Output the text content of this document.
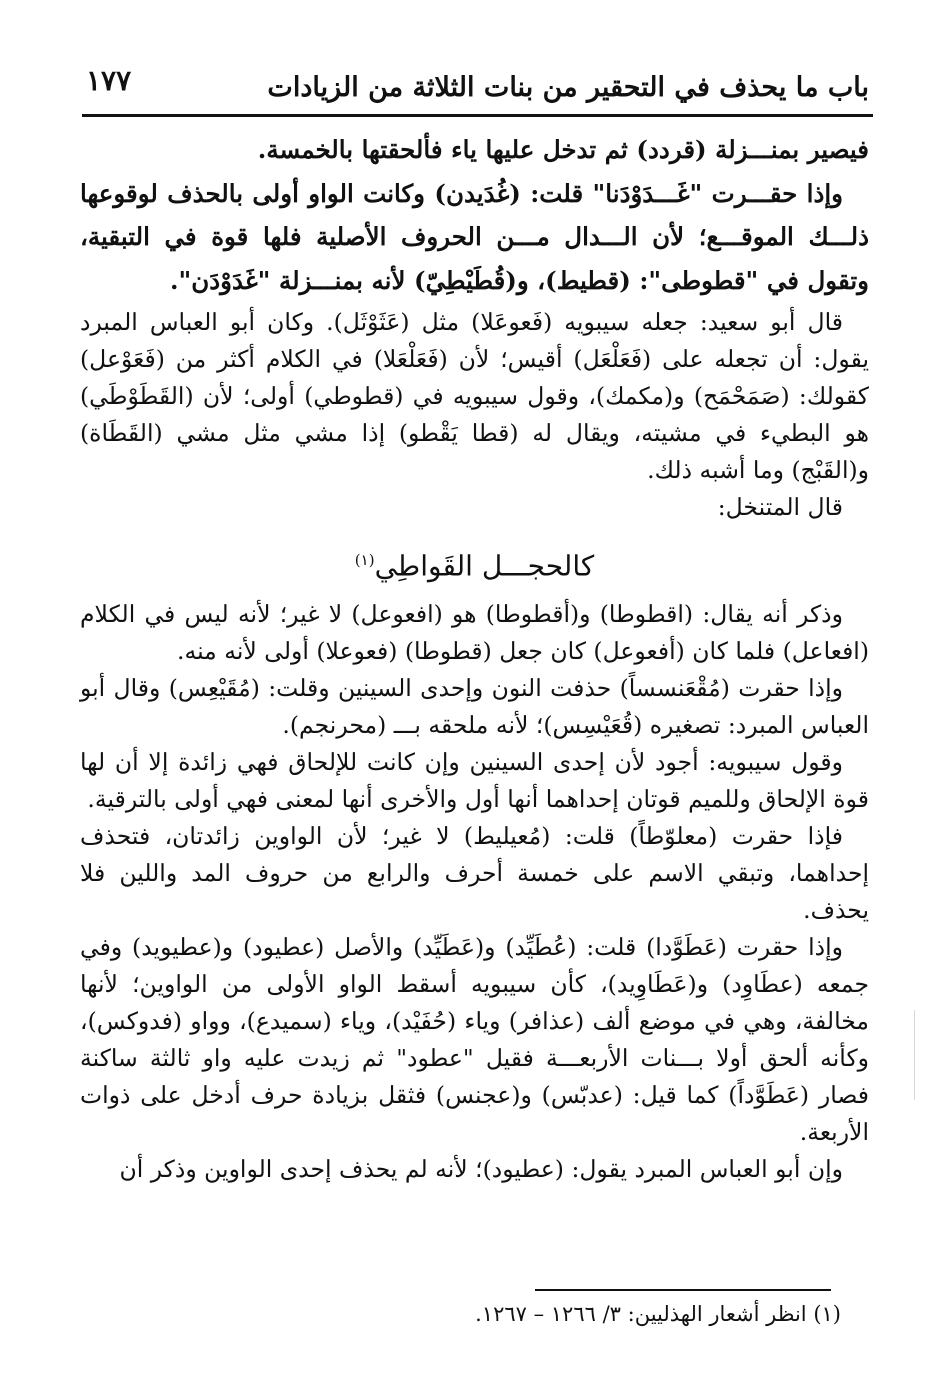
باب ما يحذف في التحقير من بنات الثلاثة من الزيادات
١٧٧

فيصير بمنـــزلة (قردد) ثم تدخل عليها ياء فألحقتها بالخمسة.

وإذا حقـــرت "غَـــدَوْدَنا" قلت: (غُدَيدن) وكانت الواو أولى بالحذف لوقوعها ذلـــك الموقـــع؛ لأن الـــدال مـــن الحروف الأصلية فلها قوة في التبقية، وتقول في "قطوطى": (قطيط)، و(قُطَيْطِيّ) لأنه بمنـــزلة "غَدَوْدَن".

قال أبو سعيد: جعله سيبويه (فَعوعَلا) مثل (عَثَوْثَل). وكان أبو العباس المبرد يقول: أن تجعله على (فَعَلْعَل) أقيس؛ لأن (فَعَلْعَلا) في الكلام أكثر من (فَعَوْعل) كقولك: (صَمَحْمَح) و(مكمك)، وقول سيبويه في (قطوطي) أولى؛ لأن (القَطَوْطَي) هو البطيء في مشيته، ويقال له (قطا يَقْطو) إذا مشي مثل مشي (القَطَاة) و(القَبْج) وما أشبه ذلك.

قال المتنخل:

كالحجـــل القَواطِي$^{(١)}$

وذكر أنه يقال: (اقطوطا) و(أقطوطا) هو (افعوعل) لا غير؛ لأنه ليس في الكلام (افعاعل) فلما كان (أفعوعل) كان جعل (قطوطا) (فعوعلا) أولى لأنه منه.

وإذا حقرت (مُقْعَنسساً) حذفت النون وإحدى السينين وقلت: (مُقَيْعِس) وقال أبو العباس المبرد: تصغيره (قُعَيْسِس)؛ لأنه ملحقه بـــ (محرنجم).

وقول سيبويه: أجود لأن إحدى السينين وإن كانت للإلحاق فهي زائدة إلا أن لها قوة الإلحاق وللميم قوتان إحداهما أنها أول والأخرى أنها لمعنى فهي أولى بالترقية.

فإذا حقرت (معلوّطاً) قلت: (مُعيليط) لا غير؛ لأن الواوين زائدتان، فتحذف إحداهما، وتبقي الاسم على خمسة أحرف والرابع من حروف المد واللين فلا يحذف.

وإذا حقرت (عَطَوَّدا) قلت: (عُطَيِّد) و(عَطَيِّد) والأصل (عطيود) و(عطيويد) وفي جمعه (عطَاوِد) و(عَطَاوِيد)، كأن سيبويه أسقط الواو الأولى من الواوين؛ لأنها مخالفة، وهي في موضع ألف (عذافر) وياء (حُفَيْد)، وياء (سميدع)، وواو (فدوكس)، وكأنه ألحق أولا بـــنات الأربعـــة فقيل "عطود" ثم زيدت عليه واو ثالثة ساكنة فصار (عَطَوَّداً) كما قيل: (عدبّس) و(عجنس) فثقل بزيادة حرف أدخل على ذوات الأربعة.

وإن أبو العباس المبرد يقول: (عطيود)؛ لأنه لم يحذف إحدى الواوين وذكر أن

(١) انظر أشعار الهذليين: ٣/ ١٢٦٦ – ١٢٦٧.
